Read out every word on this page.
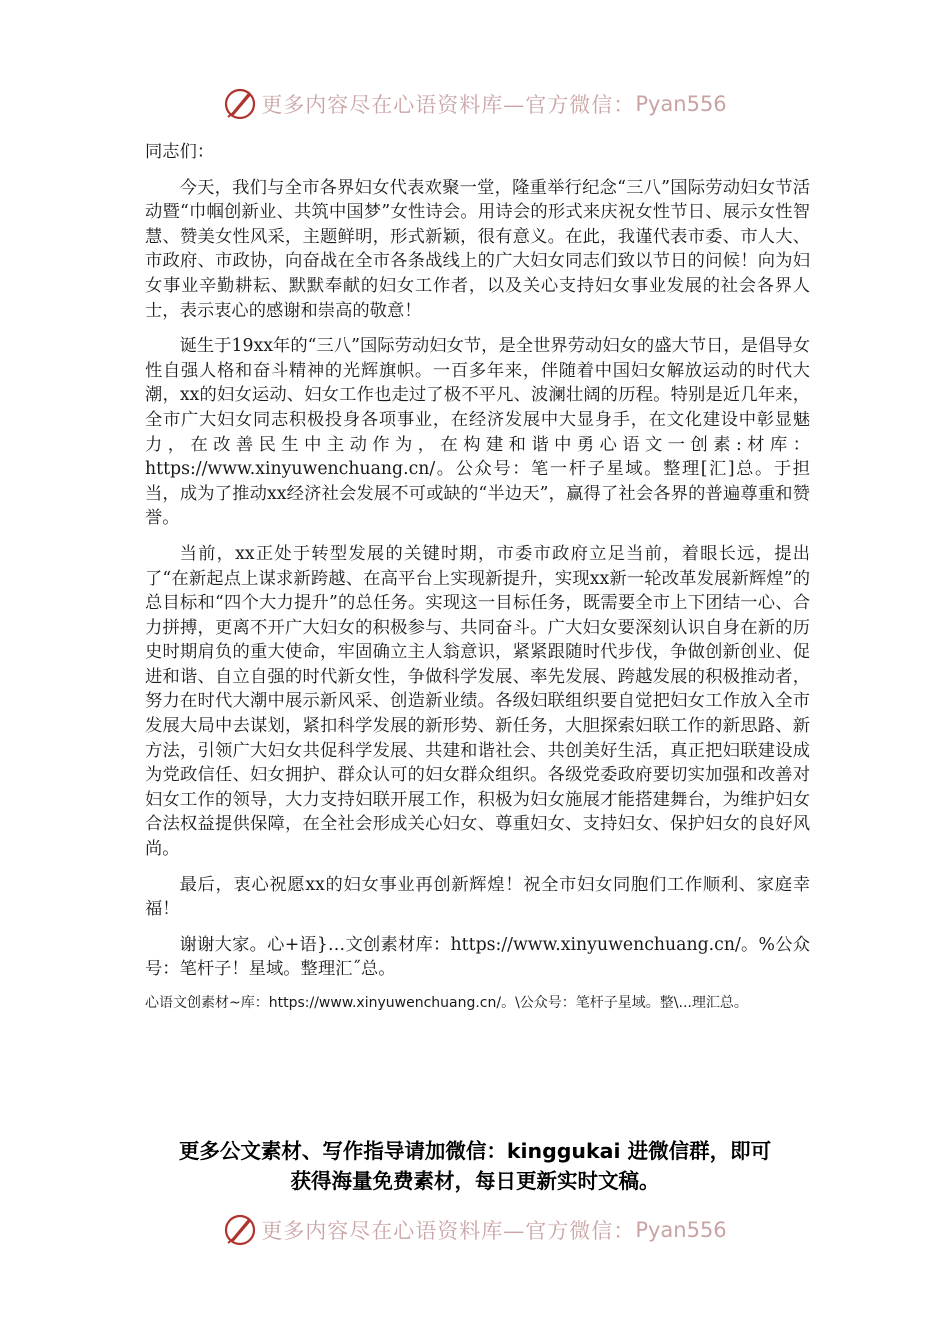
更多内容尽在心语资料库—官方微信： Pyan556

同志们：

今天，我们与全市各界妇女代表欢聚一堂，隆重举行纪念“三八”国际劳动妇女节活动暨“巾帼创新业、共筑中国梦”女性诗会。用诗会的形式来庆祝女性节日、展示女性智慧、赞美女性风采，主题鲜明，形式新颖，很有意义。在此，我谨代表市委、市人大、市政府、市政协，向奋战在全市各条战线上的广大妇女同志们致以节日的问候！向为妇女事业辛勤耕耘、默默奉献的妇女工作者，以及关心支持妇女事业发展的社会各界人士，表示衷心的感谢和崇高的敬意！

诞生于19xx年的“三八”国际劳动妇女节，是全世界劳动妇女的盛大节日，是倡导女性自强人格和奋斗精神的光辉旗帜。一百多年来，伴随着中国妇女解放运动的时代大潮，xx的妇女运动、妇女工作也走过了极不平凡、波澜壮阔的历程。特别是近几年来，全市广大妇女同志积极投身各项事业，在经济发展中大显身手，在文化建设中彰显魅力，在改善民生中主动作为，在构建和谐中勇心语文一创素:材库：https://www.xinyuwenchuang.cn/。公众号：笔一杆子星域。整理[汇]总。于担当，成为了推动xx经济社会发展不可或缺的“半边天”，赢得了社会各界的普遍尊重和赞誉。

当前，xx正处于转型发展的关键时期，市委市政府立足当前，着眼长远，提出了“在新起点上谋求新跨越、在高平台上实现新提升，实现xx新一轮改革发展新辉煌”的总目标和“四个大力提升”的总任务。实现这一目标任务，既需要全市上下团结一心、合力拼搏，更离不开广大妇女的积极参与、共同奋斗。广大妇女要深刻认识自身在新的历史时期肩负的重大使命，牢固确立主人翁意识，紧紧跟随时代步伐，争做创新创业、促进和谐、自立自强的时代新女性，争做科学发展、率先发展、跨越发展的积极推动者，努力在时代大潮中展示新风采、创造新业绩。各级妇联组织要自觉把妇女工作放入全市发展大局中去谋划，紧扣科学发展的新形势、新任务，大胆探索妇联工作的新思路、新方法，引领广大妇女共促科学发展、共建和谐社会、共创美好生活，真正把妇联建设成为党政信任、妇女拥护、群众认可的妇女群众组织。各级党委政府要切实加强和改善对妇女工作的领导，大力支持妇联开展工作，积极为妇女施展才能搭建舞台，为维护妇女合法权益提供保障，在全社会形成关心妇女、尊重妇女、支持妇女、保护妇女的良好风尚。

最后，衷心祝愿xx的妇女事业再创新辉煌！祝全市妇女同胞们工作顺利、家庭幸福！

谢谢大家。心+语}…文创素材库：https://www.xinyuwenchuang.cn/。%公众号：笔杆子！星域。整理汇˝总。

心语文创素材~库：https://www.xinyuwenchuang.cn/。\公众号：笔杆子星域。整\...理汇总。

更多公文素材、写作指导请加微信：kinggukai 进微信群，即可
获得海量免费素材，每日更新实时文稿。
更多内容尽在心语资料库—官方微信： Pyan556
